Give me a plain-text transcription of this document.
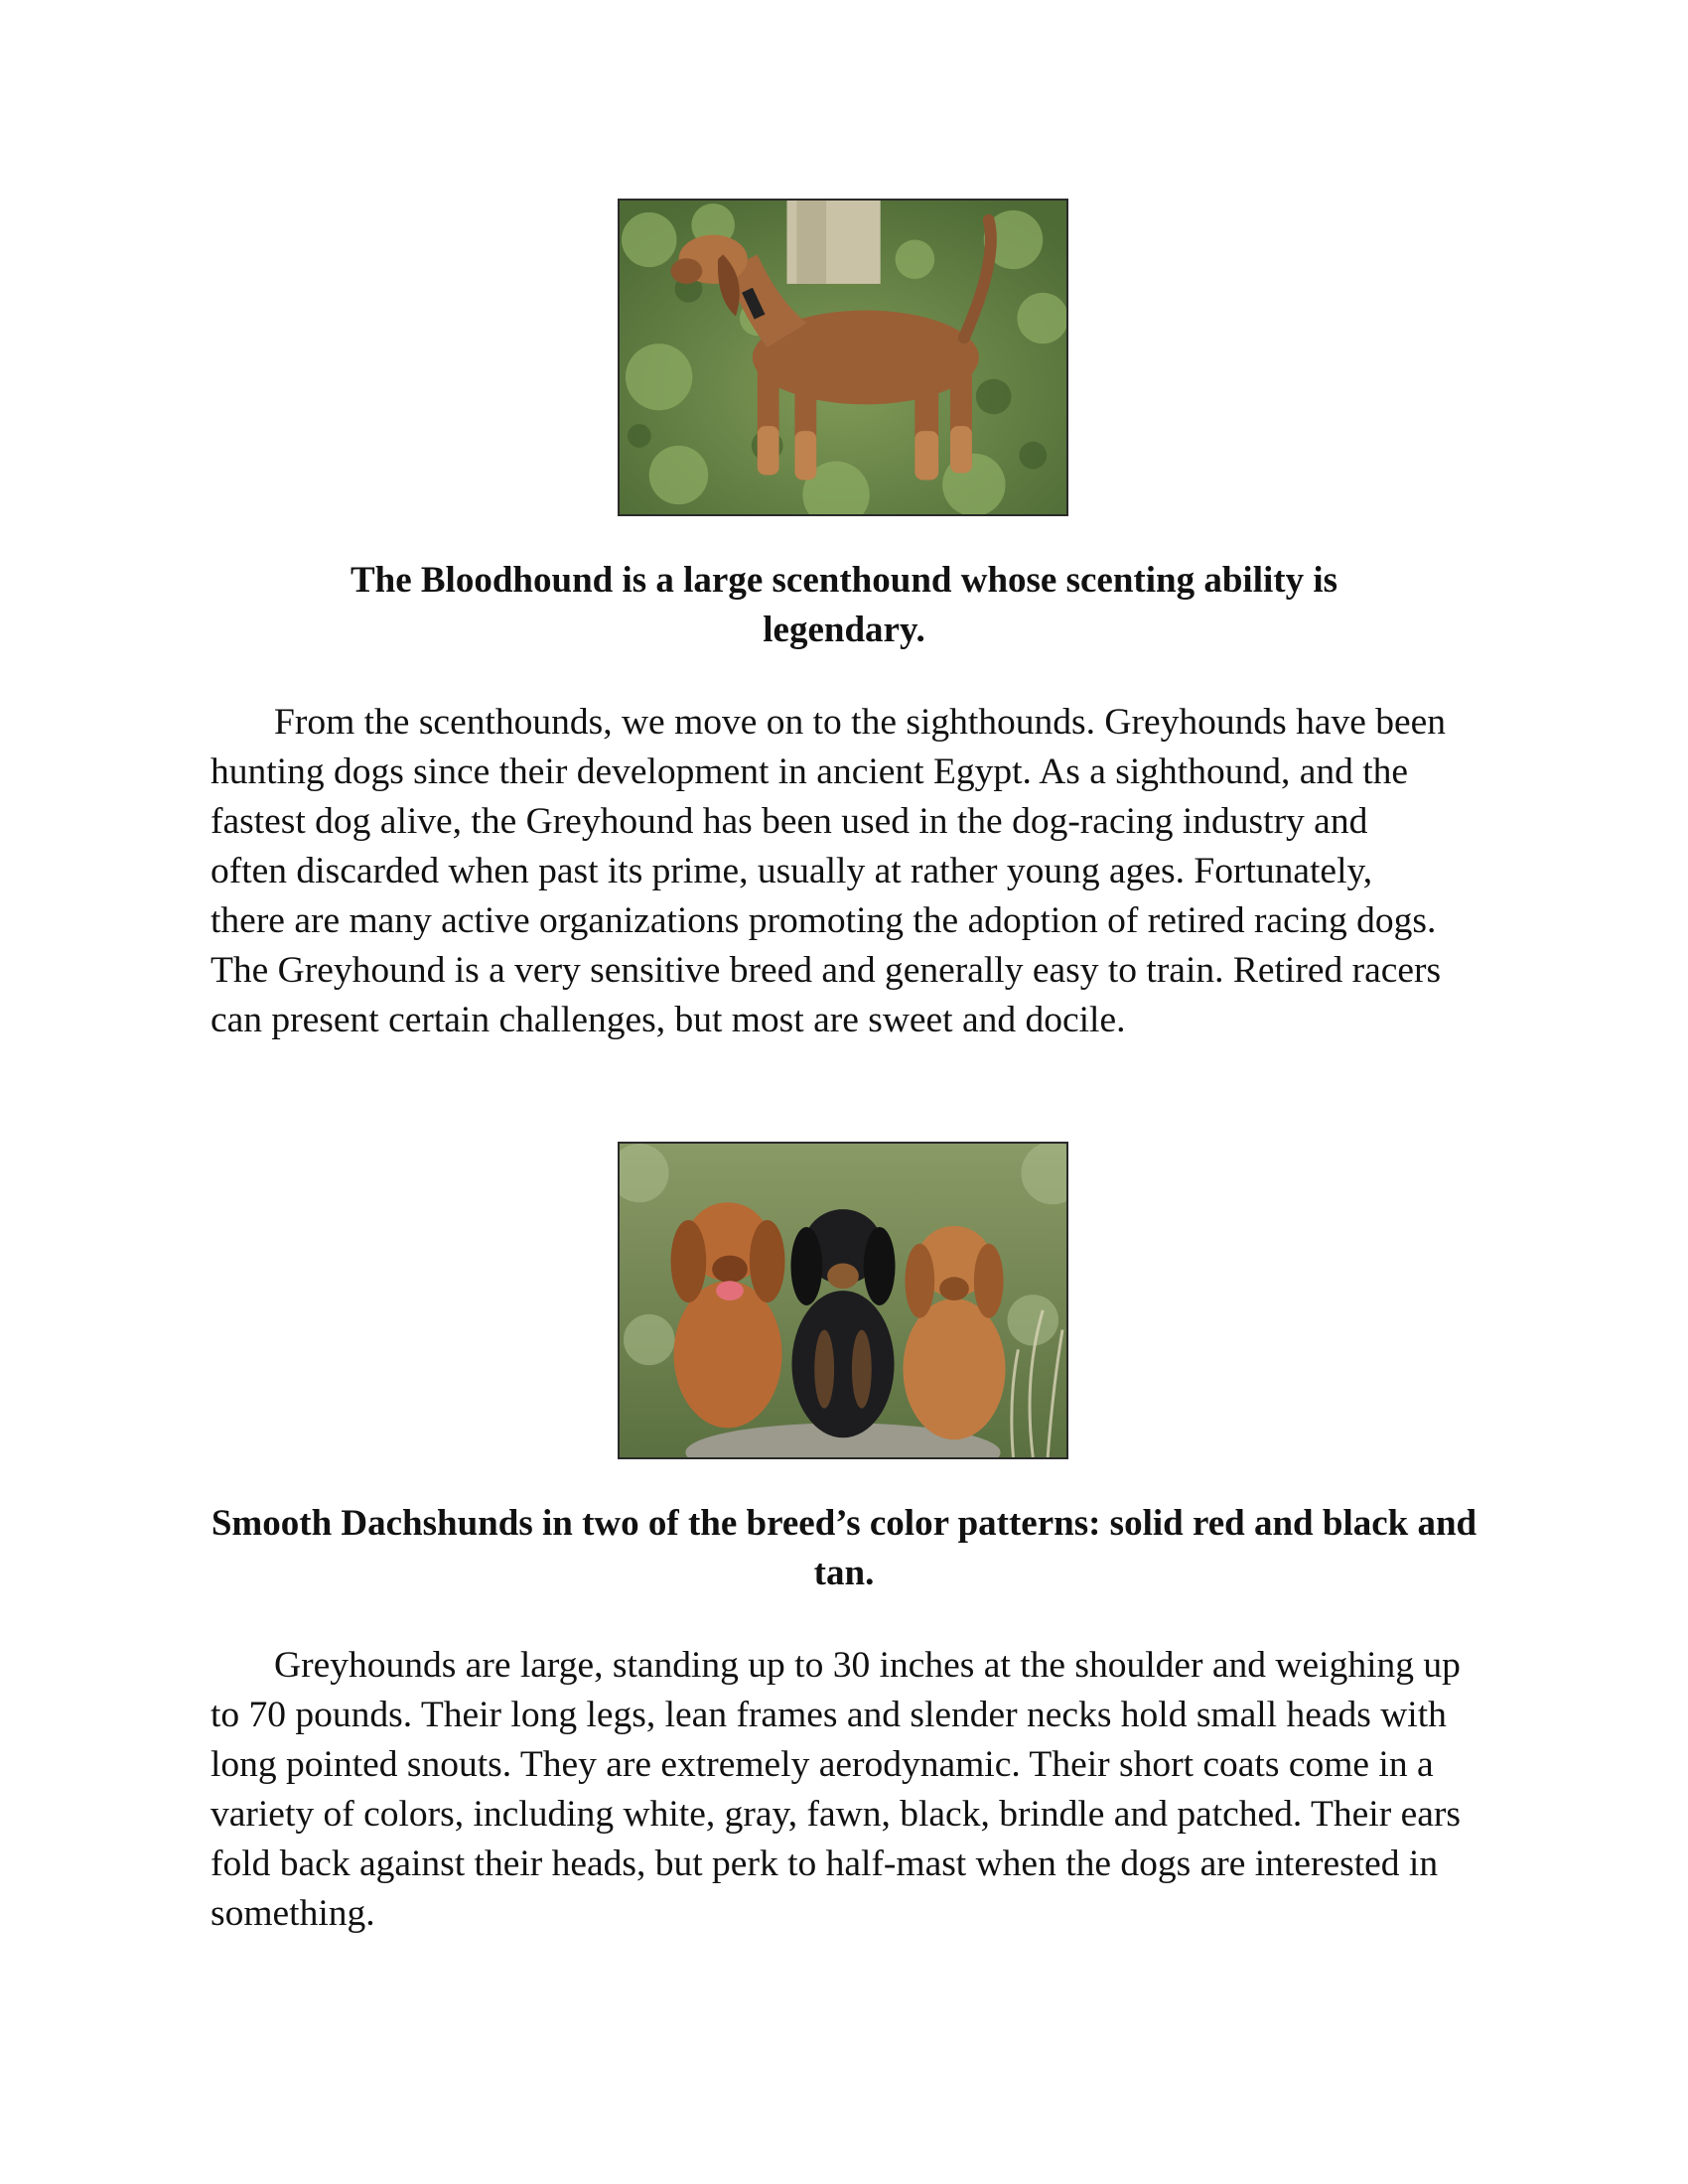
The Bloodhound is a large scenthound whose scenting ability is legendary.

From the scenthounds, we move on to the sighthounds. Greyhounds have been hunting dogs since their development in ancient Egypt. As a sighthound, and the fastest dog alive, the Greyhound has been used in the dog-racing industry and often discarded when past its prime, usually at rather young ages. Fortunately, there are many active organizations promoting the adoption of retired racing dogs. The Greyhound is a very sensitive breed and generally easy to train. Retired racers can present certain challenges, but most are sweet and docile.

Smooth Dachshunds in two of the breed’s color patterns: solid red and black and tan.

Greyhounds are large, standing up to 30 inches at the shoulder and weighing up to 70 pounds. Their long legs, lean frames and slender necks hold small heads with long pointed snouts. They are extremely aerodynamic. Their short coats come in a variety of colors, including white, gray, fawn, black, brindle and patched. Their ears fold back against their heads, but perk to half-mast when the dogs are interested in something.
